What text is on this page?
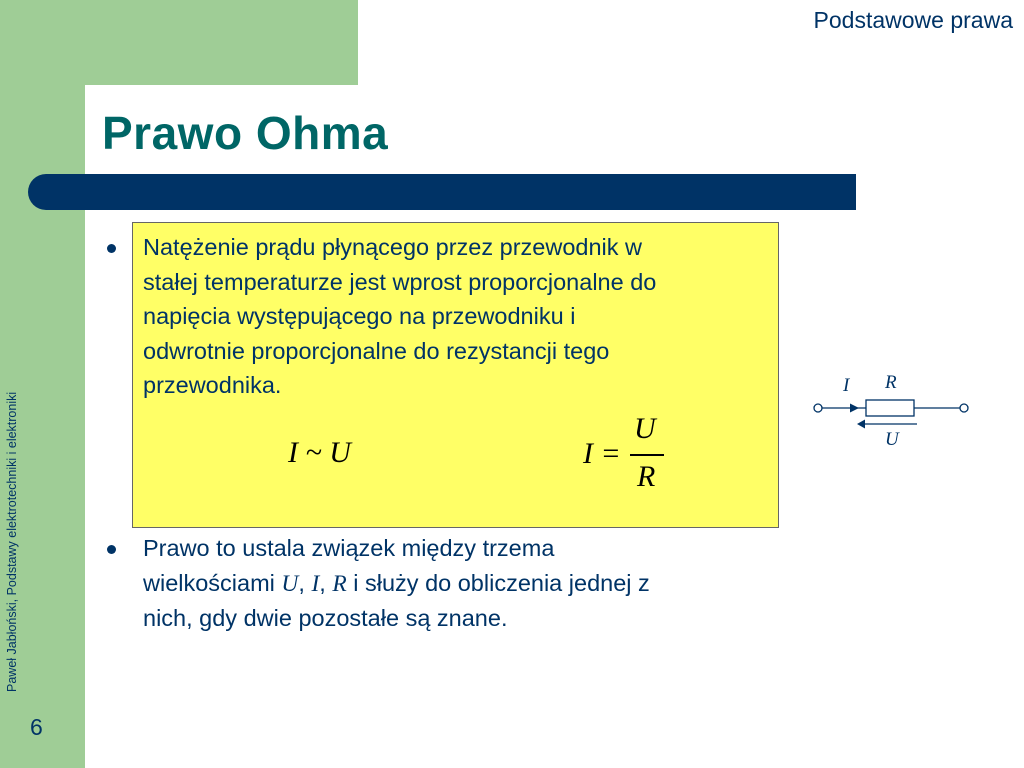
Podstawowe prawa
Prawo Ohma
Paweł Jabłoński, Podstawy elektrotechniki i elektroniki
6
Natężenie prądu płynącego przez przewodnik w
stałej temperaturze jest wprost proporcjonalne do
napięcia występującego na przewodniku i
odwrotnie proporcjonalne do rezystancji tego
przewodnika.
I ~ U	I =
U
R
Prawo to ustala związek między trzema
wielkościami U, I, R i służy do obliczenia jednej z
nich, gdy dwie pozostałe są znane.
I R
U
